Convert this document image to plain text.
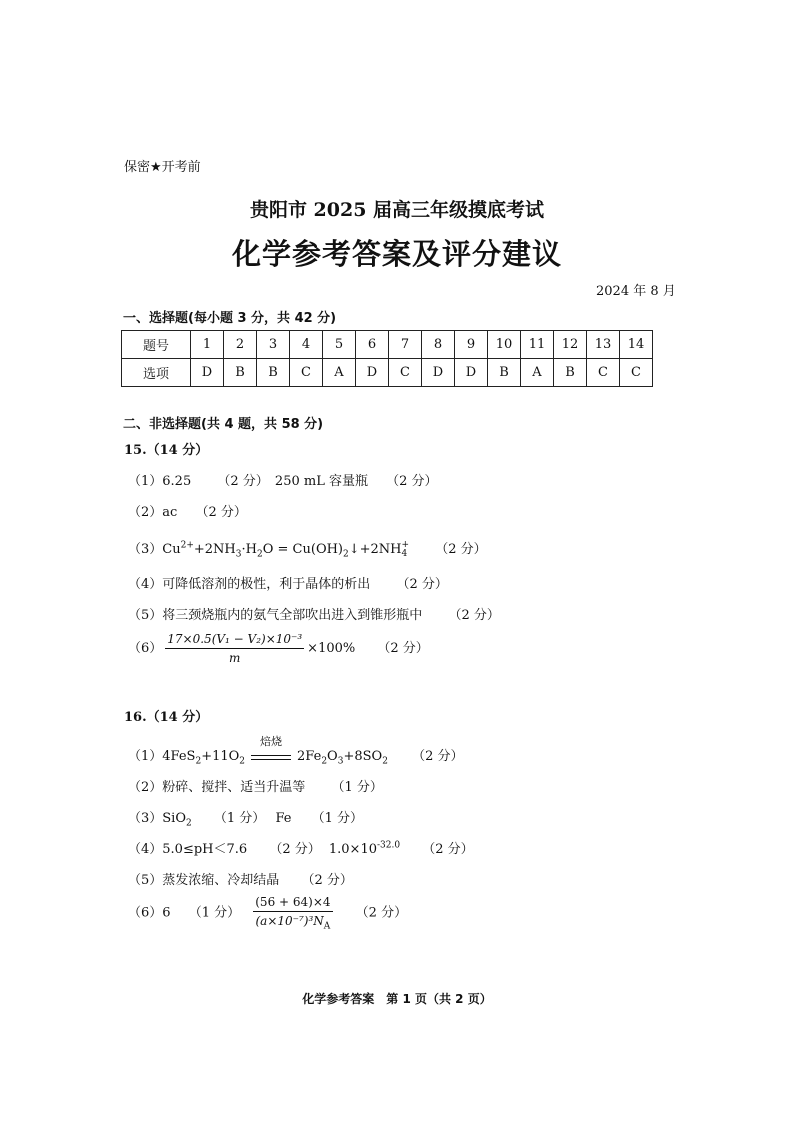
保密★开考前
贵阳市 2025 届高三年级摸底考试
化学参考答案及评分建议
2024 年 8 月
一、选择题(每小题 3 分，共 42 分)
题号	1	2	3	4	5	6	7	8	9	10	11	12	13	14
选项	D	B	B	C	A	D	C	D	D	B	A	B	C	C
二、非选择题(共 4 题，共 58 分)
15.（14 分）
（1）6.25 （2 分） 250 mL 容量瓶 （2 分）
（2）ac （2 分）
$(3)Cu^{2+}+2NH_3\cdot H_2O$ = $Cu(OH)_2↓+2NH$ +
4 （2 分）
（4）可降低溶剂的极性，利于晶体的析出 （2 分）
（5）将三颈烧瓶内的氨气全部吹出进入到锥形瓶中 （2 分）
$(6) \frac{\text{17×0.5(V₁ − V₂)×10⁻³}}{m} \times 100\%$ （2 分）
16.（14 分）
$(1)4FeS_2+11O_2$
焙烧
$2Fe_2O_3+8SO_2$ （2 分）
（2）粉碎、搅拌、适当升温等 （1 分）
（3）SiO$_2$ （1 分） Fe （1 分）
（4）5.0≤pH＜7.6 （2 分） $1.0\times 10^{-32.0}$ （2 分）
（5）蒸发浓缩、冷却结晶 （2 分）
（6）6 （1 分） $\frac{(56 + 64)\times 4}{(a\times 10^{-7})^3N_A} (2$ 分）
化学参考答案　第 1 页（共 2 页）
